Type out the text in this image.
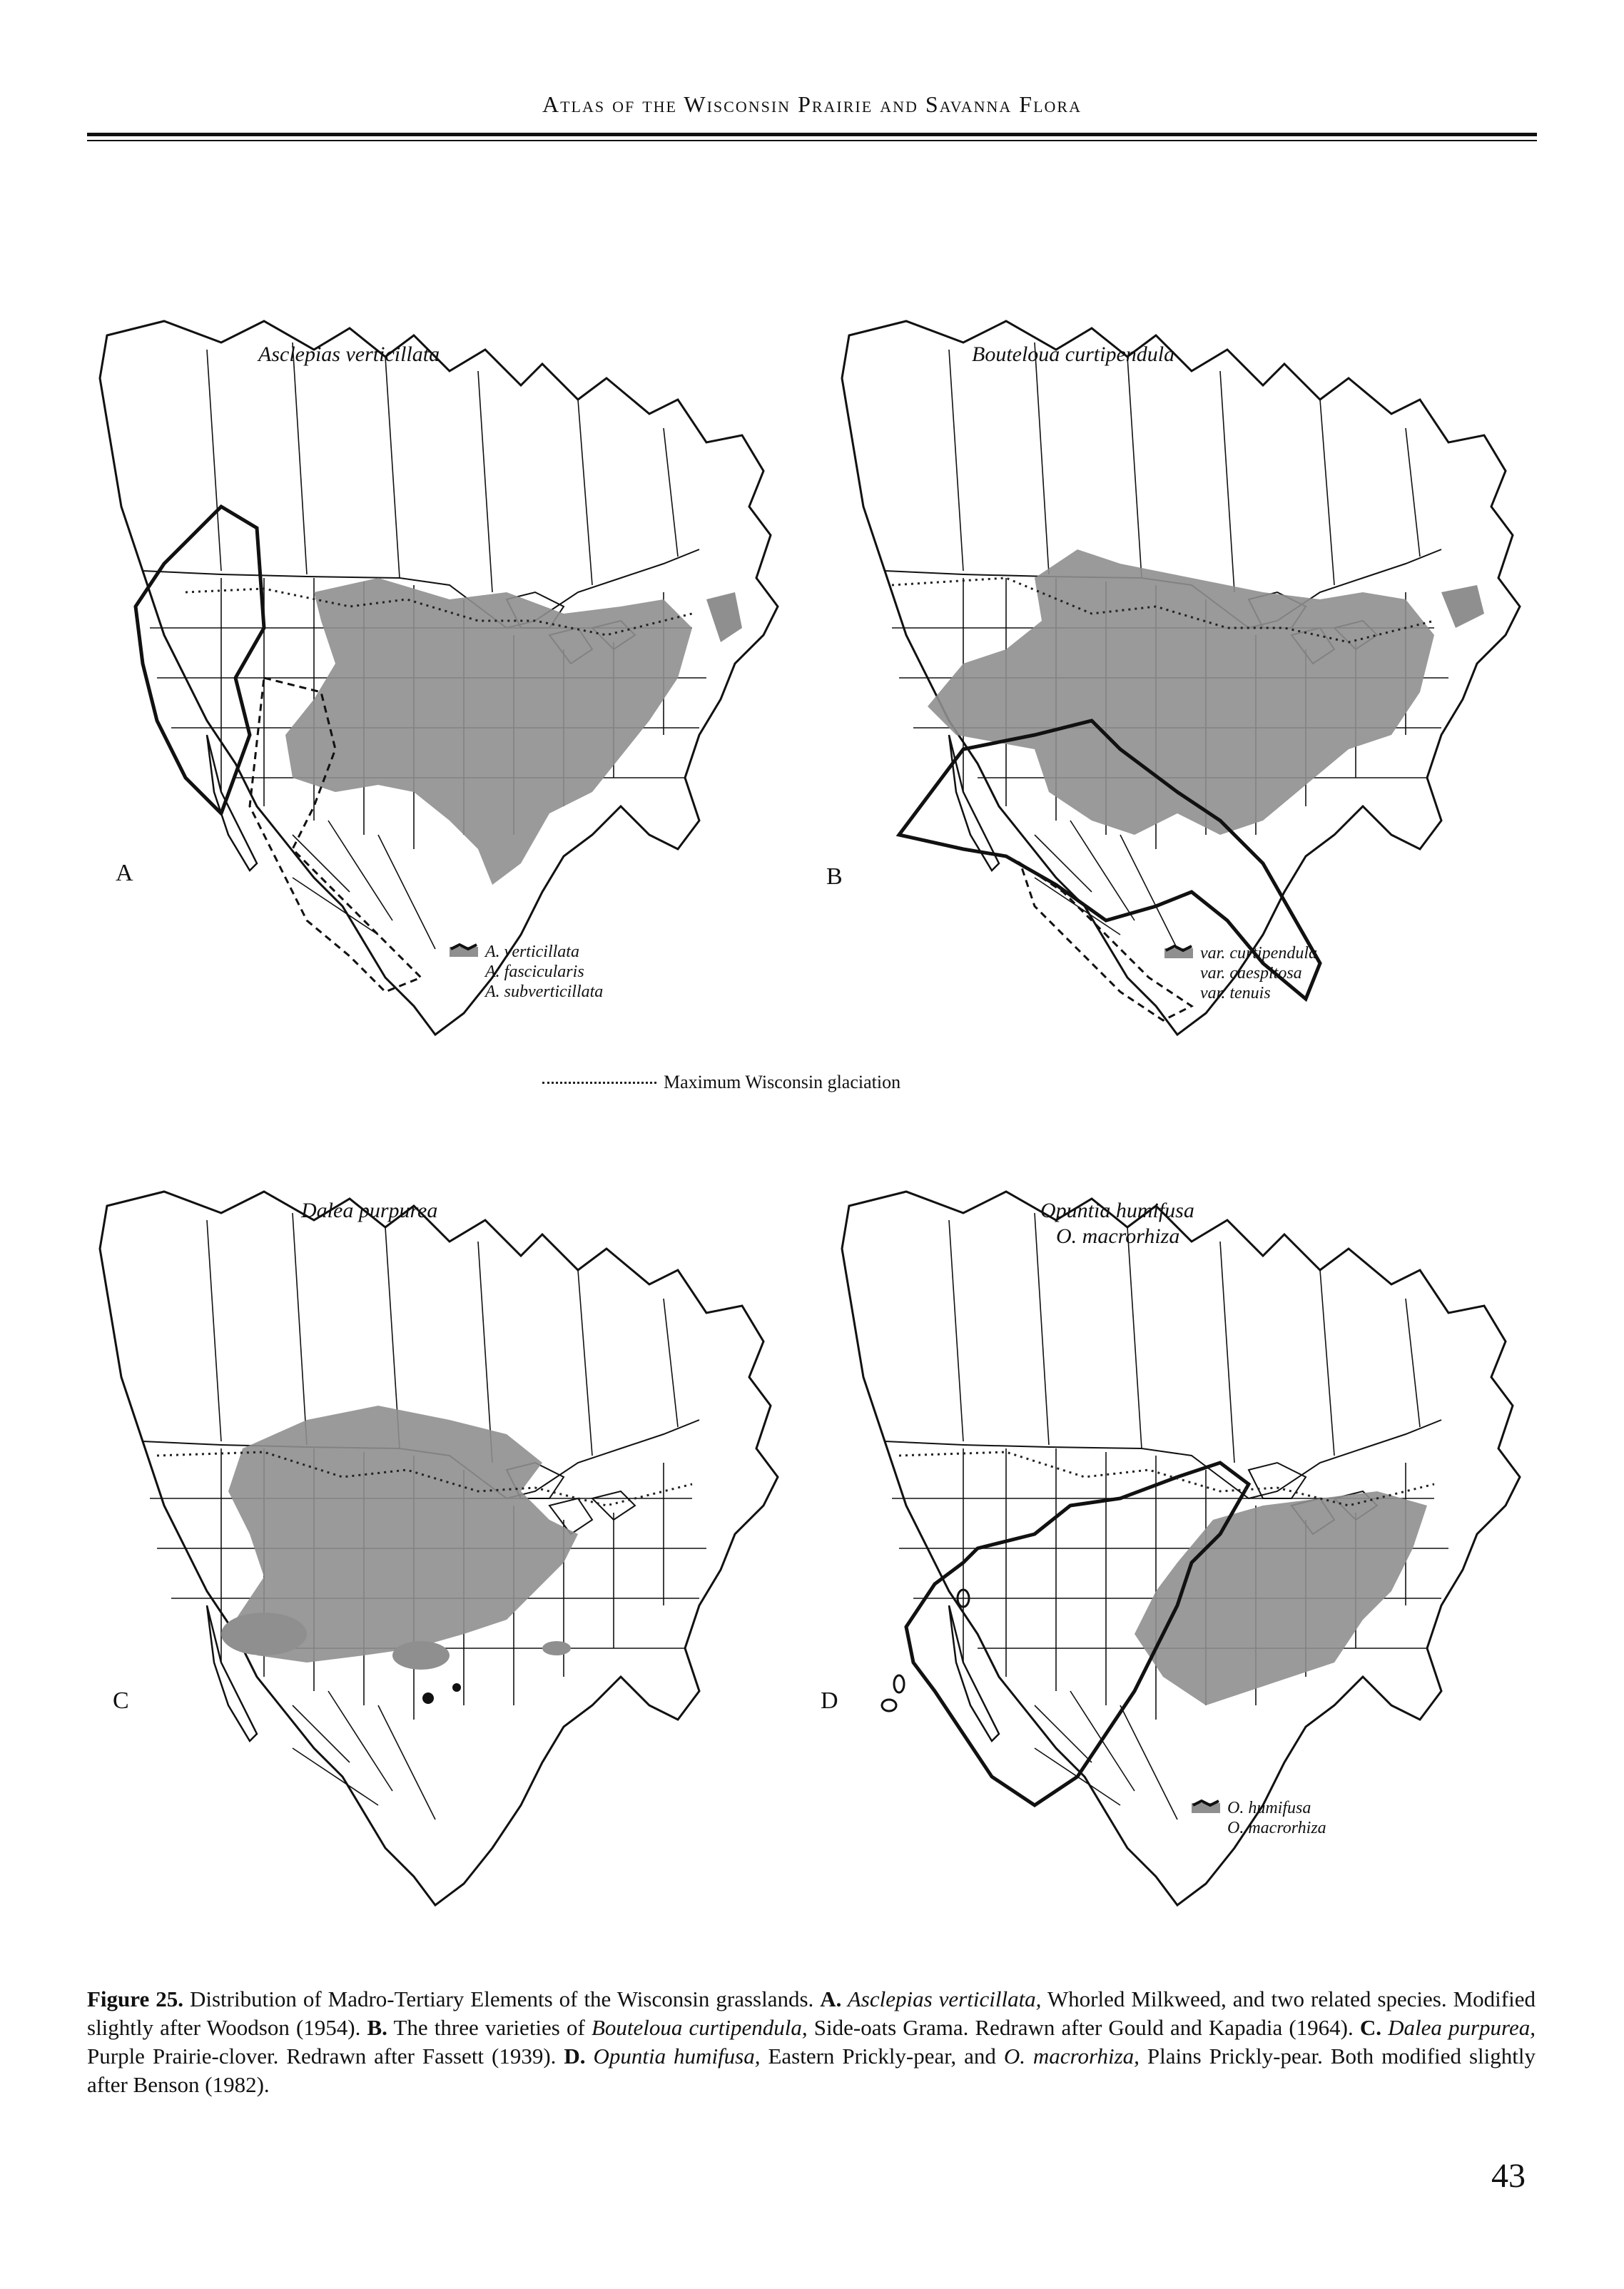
Atlas of the Wisconsin Prairie and Savanna Flora
Asclepias verticillata
A
A. verticillata
A. fascicularis
A. subverticillata
Bouteloua curtipendula
B
var. curtipendula
var. caespitosa
var. tenuis
Maximum Wisconsin glaciation
Dalea purpurea
C
Opuntia humifusa
O. macrorhiza
D
O. humifusa
O. macrorhiza
Figure 25. Distribution of Madro-Tertiary Elements of the Wisconsin grasslands. A. Asclepias verticillata, Whorled Milkweed, and two related species. Modified slightly after Woodson (1954). B. The three varieties of Bouteloua curtipendula, Side-oats Grama. Redrawn after Gould and Kapadia (1964). C. Dalea purpurea, Purple Prairie-clover. Redrawn after Fassett (1939). D. Opuntia humifusa, Eastern Prickly-pear, and O. macrorhiza, Plains Prickly-pear. Both modified slightly after Benson (1982).
43
